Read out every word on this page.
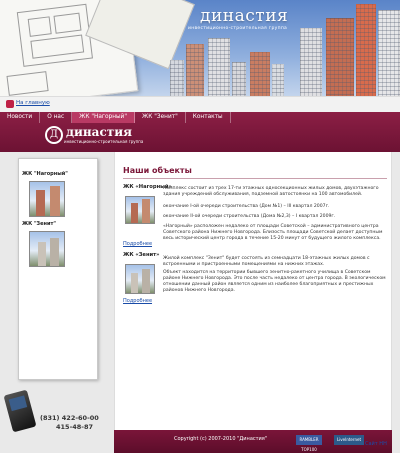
династия
инвестиционно-строительная группа
На главную
Новости	О нас	ЖК "Нагорный"	ЖК "Зенит"	Контакты
Д династия
инвестиционно-строительная группа
ЖК "Нагорный"
ЖК "Зенит"
Наши объекты
ЖК «Нагорный»
Комплекс состоит из трех 17-ти этажных односекционных жилых домов, двухэтажного здания учреждений обслуживания, подземной автостоянки на 100 автомобилей.
окончание I-ой очереди строительства (Дом №1) – III квартал 2007г.
окончание II-ой очереди строительства (Дома №2,3) – I квартал 2009г.
«Нагорный» расположен недалеко от площади Советской – административного центра Советского района Нижнего Новгорода. Близость площади Советской делает доступным весь исторический центр города в течение 15-20 минут от будущего жилого комплекса.
Подробнее
ЖК «Зенит»
Жилой комплекс "Зенит" будет состоять из семнадцати 18-этажных жилых домов с встроенными и пристроенными помещениями на нижних этажах.
Объект находится на территории бывшего зенитно-ракетного училища в Советском районе Нижнего Новгорода. Это после часть недалеко от центра города. В экологическом отношении данный район является одним из наиболее благоприятных и престижных районов Нижнего Новгорода.
Подробнее
(831) 422-60-00
415-48-87
Copyright (c) 2007-2010 "Династия"	RAMBLER TOP100
LiveInternet
Сайт НН
